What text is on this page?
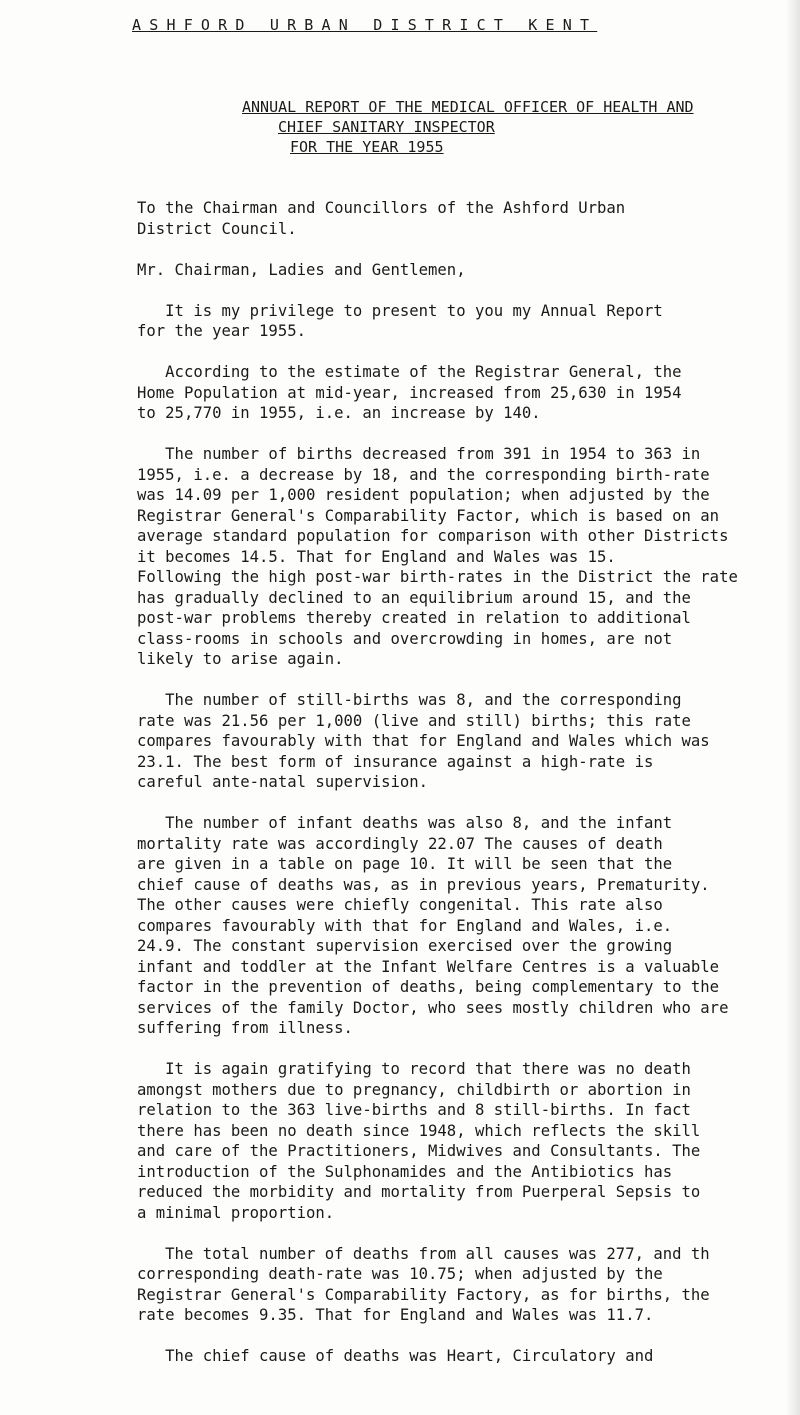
ASHFORD URBAN DISTRICT KENT
ANNUAL REPORT OF THE MEDICAL OFFICER OF HEALTH AND
CHIEF SANITARY INSPECTOR
FOR THE YEAR 1955
To the Chairman and Councillors of the Ashford Urban
District Council.
Mr. Chairman, Ladies and Gentlemen,
It is my privilege to present to you my Annual Report
for the year 1955.
According to the estimate of the Registrar General, the
Home Population at mid-year, increased from 25,630 in 1954
to 25,770 in 1955, i.e. an increase by 140.
The number of births decreased from 391 in 1954 to 363 in
1955, i.e. a decrease by 18, and the corresponding birth-rate
was 14.09 per 1,000 resident population; when adjusted by the
Registrar General's Comparability Factor, which is based on an
average standard population for comparison with other Districts
it becomes 14.5. That for England and Wales was 15.
Following the high post-war birth-rates in the District the rate
has gradually declined to an equilibrium around 15, and the
post-war problems thereby created in relation to additional
class-rooms in schools and overcrowding in homes, are not
likely to arise again.
The number of still-births was 8, and the corresponding
rate was 21.56 per 1,000 (live and still) births; this rate
compares favourably with that for England and Wales which was
23.1. The best form of insurance against a high-rate is
careful ante-natal supervision.
The number of infant deaths was also 8, and the infant
mortality rate was accordingly 22.07 The causes of death
are given in a table on page 10. It will be seen that the
chief cause of deaths was, as in previous years, Prematurity.
The other causes were chiefly congenital. This rate also
compares favourably with that for England and Wales, i.e.
24.9. The constant supervision exercised over the growing
infant and toddler at the Infant Welfare Centres is a valuable
factor in the prevention of deaths, being complementary to the
services of the family Doctor, who sees mostly children who are
suffering from illness.
It is again gratifying to record that there was no death
amongst mothers due to pregnancy, childbirth or abortion in
relation to the 363 live-births and 8 still-births. In fact
there has been no death since 1948, which reflects the skill
and care of the Practitioners, Midwives and Consultants. The
introduction of the Sulphonamides and the Antibiotics has
reduced the morbidity and mortality from Puerperal Sepsis to
a minimal proportion.
The total number of deaths from all causes was 277, and th
corresponding death-rate was 10.75; when adjusted by the
Registrar General's Comparability Factory, as for births, the
rate becomes 9.35. That for England and Wales was 11.7.
The chief cause of deaths was Heart, Circulatory and
